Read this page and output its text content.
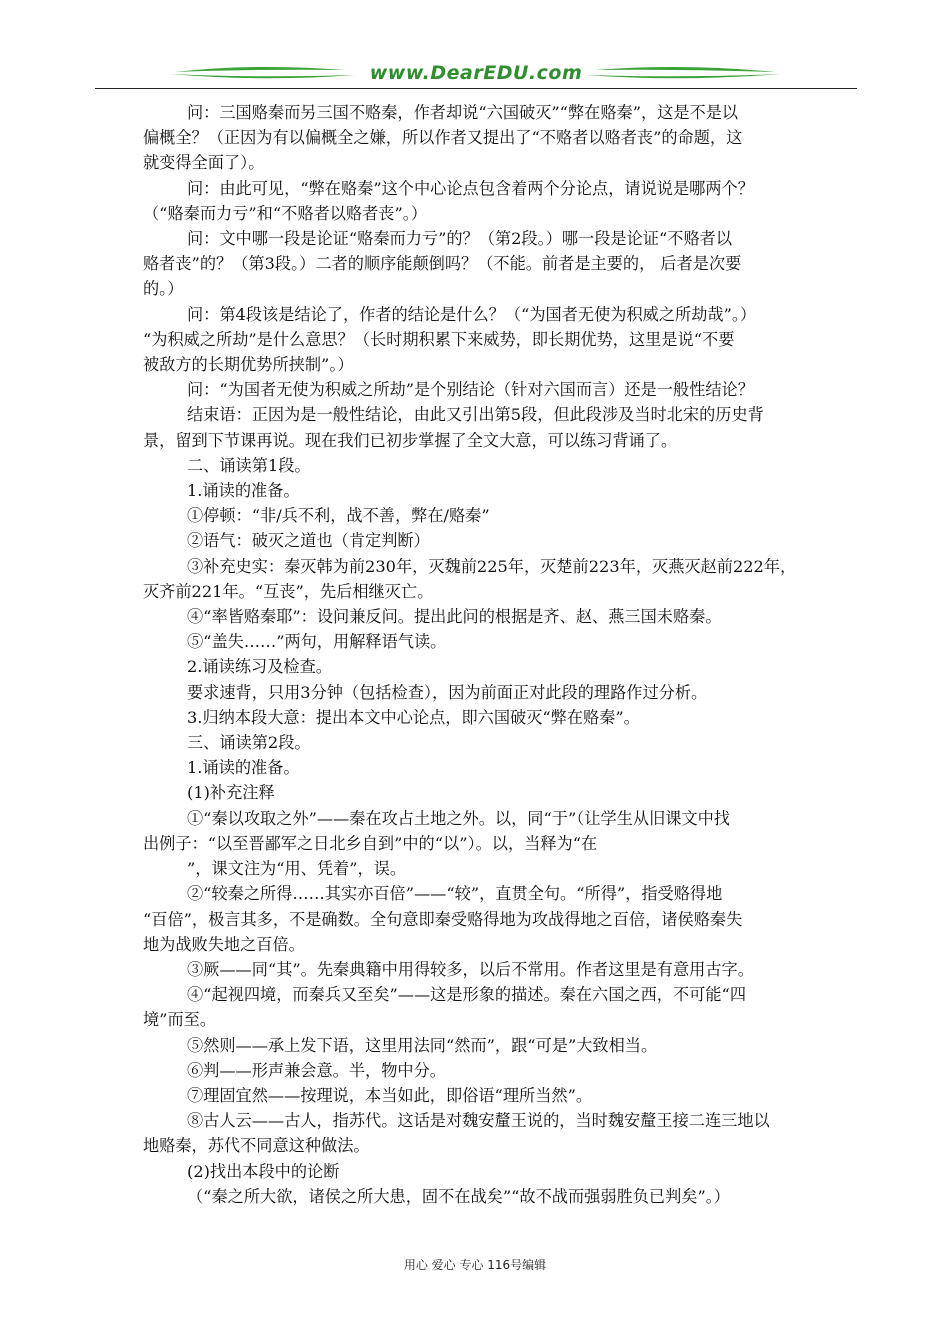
www.DearEDU.com
问：三国赂秦而另三国不赂秦，作者却说“六国破灭”“弊在赂秦”，这是不是以
偏概全？（正因为有以偏概全之嫌，所以作者又提出了“不赂者以赂者丧”的命题，这
就变得全面了）。
问：由此可见，“弊在赂秦”这个中心论点包含着两个分论点，请说说是哪两个？
（“赂秦而力亏”和“不赂者以赂者丧”。）
问：文中哪一段是论证“赂秦而力亏”的？（第2段。）哪一段是论证“不赂者以
赂者丧”的？（第3段。）二者的顺序能颠倒吗？（不能。前者是主要的， 后者是次要
的。）
问：第4段该是结论了，作者的结论是什么？（“为国者无使为积威之所劫哉”。）
“为积威之所劫”是什么意思？（长时期积累下来威势，即长期优势，这里是说“不要
被敌方的长期优势所挟制”。）
问：“为国者无使为积威之所劫”是个别结论（针对六国而言）还是一般性结论？
结束语：正因为是一般性结论，由此又引出第5段，但此段涉及当时北宋的历史背
景，留到下节课再说。现在我们已初步掌握了全文大意，可以练习背诵了。
二、诵读第1段。
1.诵读的准备。
①停顿：“非/兵不利，战不善，弊在/赂秦”
②语气：破灭之道也（肯定判断）
③补充史实：秦灭韩为前230年，灭魏前225年，灭楚前223年，灭燕灭赵前222年，
灭齐前221年。“互丧”，先后相继灭亡。
④“率皆赂秦耶”：设问兼反问。提出此问的根据是齐、赵、燕三国未赂秦。
⑤“盖失……”两句，用解释语气读。
2.诵读练习及检查。
要求速背，只用3分钟（包括检查），因为前面正对此段的理路作过分析。
3.归纳本段大意：提出本文中心论点，即六国破灭“弊在赂秦”。
三、诵读第2段。
1.诵读的准备。
(1)补充注释
①“秦以攻取之外”——秦在攻占土地之外。以，同“于”（让学生从旧课文中找
出例子：“以至晋鄙军之日北乡自到”中的“以”）。以，当释为“在
”，课文注为“用、凭着”，误。
②“较秦之所得……其实亦百倍”——“较”，直贯全句。“所得”，指受赂得地
“百倍”，极言其多，不是确数。全句意即秦受赂得地为攻战得地之百倍，诸侯赂秦失
地为战败失地之百倍。
③厥——同“其”。先秦典籍中用得较多，以后不常用。作者这里是有意用古字。
④“起视四境，而秦兵又至矣”——这是形象的描述。秦在六国之西，不可能“四
境”而至。
⑤然则——承上发下语，这里用法同“然而”，跟“可是”大致相当。
⑥判——形声兼会意。半，物中分。
⑦理固宜然——按理说，本当如此，即俗语“理所当然”。
⑧古人云——古人，指苏代。这话是对魏安釐王说的，当时魏安釐王接二连三地以
地赂秦，苏代不同意这种做法。
(2)找出本段中的论断
（“秦之所大欲，诸侯之所大患，固不在战矣”“故不战而强弱胜负已判矣”。）
用心 爱心 专心 116号编辑
